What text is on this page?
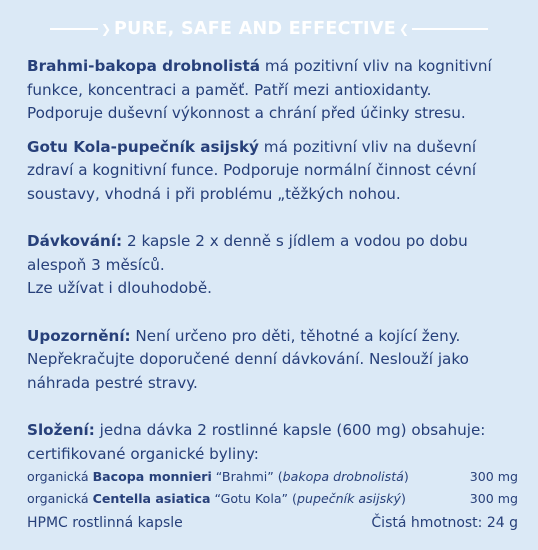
❯ PURE, SAFE AND EFFECTIVE ❮

Brahmi-bakopa drobnolistá má pozitivní vliv na kognitivní

funkce, koncentraci a paměť. Patří mezi antioxidanty.

Podporuje duševní výkonnost a chrání před účinky stresu.

Gotu Kola-pupečník asijský má pozitivní vliv na duševní

zdraví a kognitivní funce. Podporuje normální činnost cévní

soustavy, vhodná i při problému „těžkých nohou.

Dávkování: 2 kapsle 2 x denně s jídlem a vodou po dobu

alespoň 3 měsíců.

Lze užívat i dlouhodobě.

Upozornění: Není určeno pro děti, těhotné a kojící ženy.

Nepřekračujte doporučené denní dávkování. Neslouží jako

náhrada pestré stravy.

Složení: jedna dávka 2 rostlinné kapsle (600 mg) obsahuje:

certifikované organické byliny:

organická Bacopa monnieri “Brahmi” (bakopa drobnolistá)	300 mg
organická Centella asiatica “Gotu Kola” (pupečník asijský)	300 mg
HPMC rostlinná kapsle	Čistá hmotnost: 24 g
